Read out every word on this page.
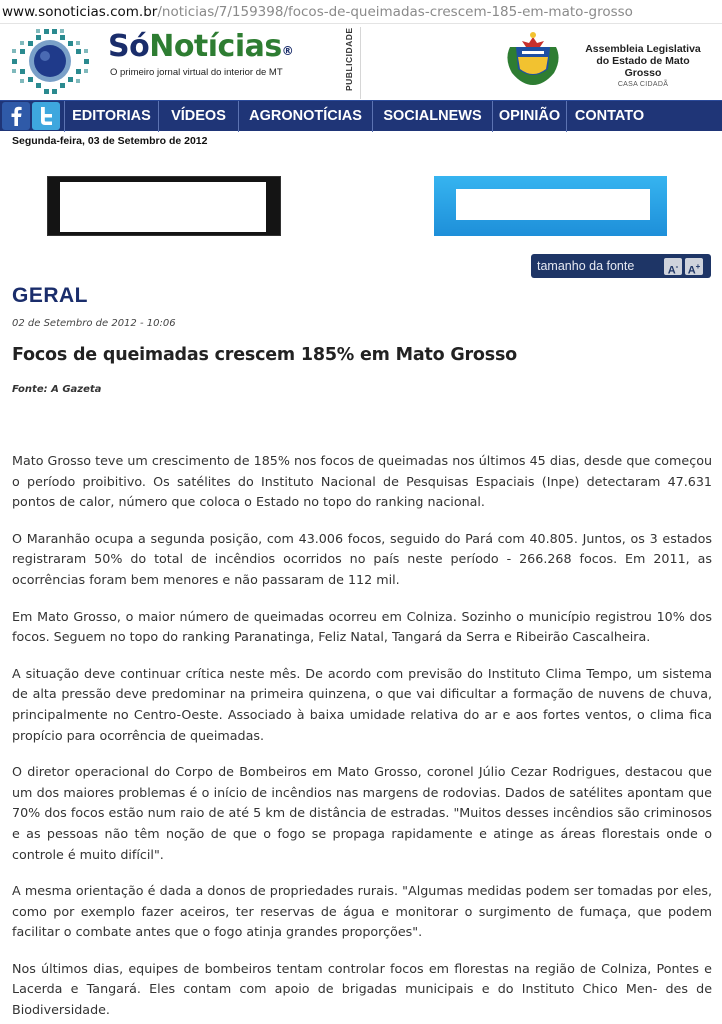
www.sonoticias.com.br/noticias/7/159398/focos-de-queimadas-crescem-185-em-mato-grosso
SóNotícias®
O primeiro jornal virtual do interior de MT	PUBLICIDADE	Assembleia Legislativa
do Estado de Mato Grosso
CASA CIDADÃ
EDITORIAS	VÍDEOS	AGRONOTÍCIAS	SOCIALNEWS	OPINIÃO	CONTATO
Segunda-feira, 03 de Setembro de 2012
tamanho da fonte	A- A+
GERAL
02 de Setembro de 2012 - 10:06
Focos de queimadas crescem 185% em Mato Grosso
Fonte: A Gazeta

Mato Grosso teve um crescimento de 185% nos focos de queimadas nos últimos 45 dias, desde que começou o período proibitivo. Os satélites do Instituto Nacional de Pesquisas Espaciais (Inpe) detectaram 47.631 pontos de calor, número que coloca o Estado no topo do ranking nacional.

O Maranhão ocupa a segunda posição, com 43.006 focos, seguido do Pará com 40.805. Juntos, os 3 estados registraram 50% do total de incêndios ocorridos no país neste período - 266.268 focos. Em 2011, as ocorrências foram bem menores e não passaram de 112 mil.

Em Mato Grosso, o maior número de queimadas ocorreu em Colniza. Sozinho o município registrou 10% dos focos. Seguem no topo do ranking Paranatinga, Feliz Natal, Tangará da Serra e Ribeirão Cascalheira.

A situação deve continuar crítica neste mês. De acordo com previsão do Instituto Clima Tempo, um sistema de alta pressão deve predominar na primeira quinzena, o que vai dificultar a formação de nuvens de chuva, principalmente no Centro-Oeste. Associado à baixa umidade relativa do ar e aos fortes ventos, o clima fica propício para ocorrência de queimadas.

O diretor operacional do Corpo de Bombeiros em Mato Grosso, coronel Júlio Cezar Rodrigues, destacou que um dos maiores problemas é o início de incêndios nas margens de rodovias. Dados de satélites apontam que 70% dos focos estão num raio de até 5 km de distância de estradas. "Muitos desses incêndios são criminosos e as pessoas não têm noção de que o fogo se propaga rapidamente e atinge as áreas florestais onde o controle é muito difícil".

A mesma orientação é dada a donos de propriedades rurais. "Algumas medidas podem ser tomadas por eles, como por exemplo fazer aceiros, ter reservas de água e monitorar o surgimento de fumaça, que podem facilitar o combate antes que o fogo atinja grandes proporções".

Nos últimos dias, equipes de bombeiros tentam controlar focos em florestas na região de Colniza, Pontes e Lacerda e Tangará. Eles contam com apoio de brigadas municipais e do Instituto Chico Men- des de Biodiversidade.
